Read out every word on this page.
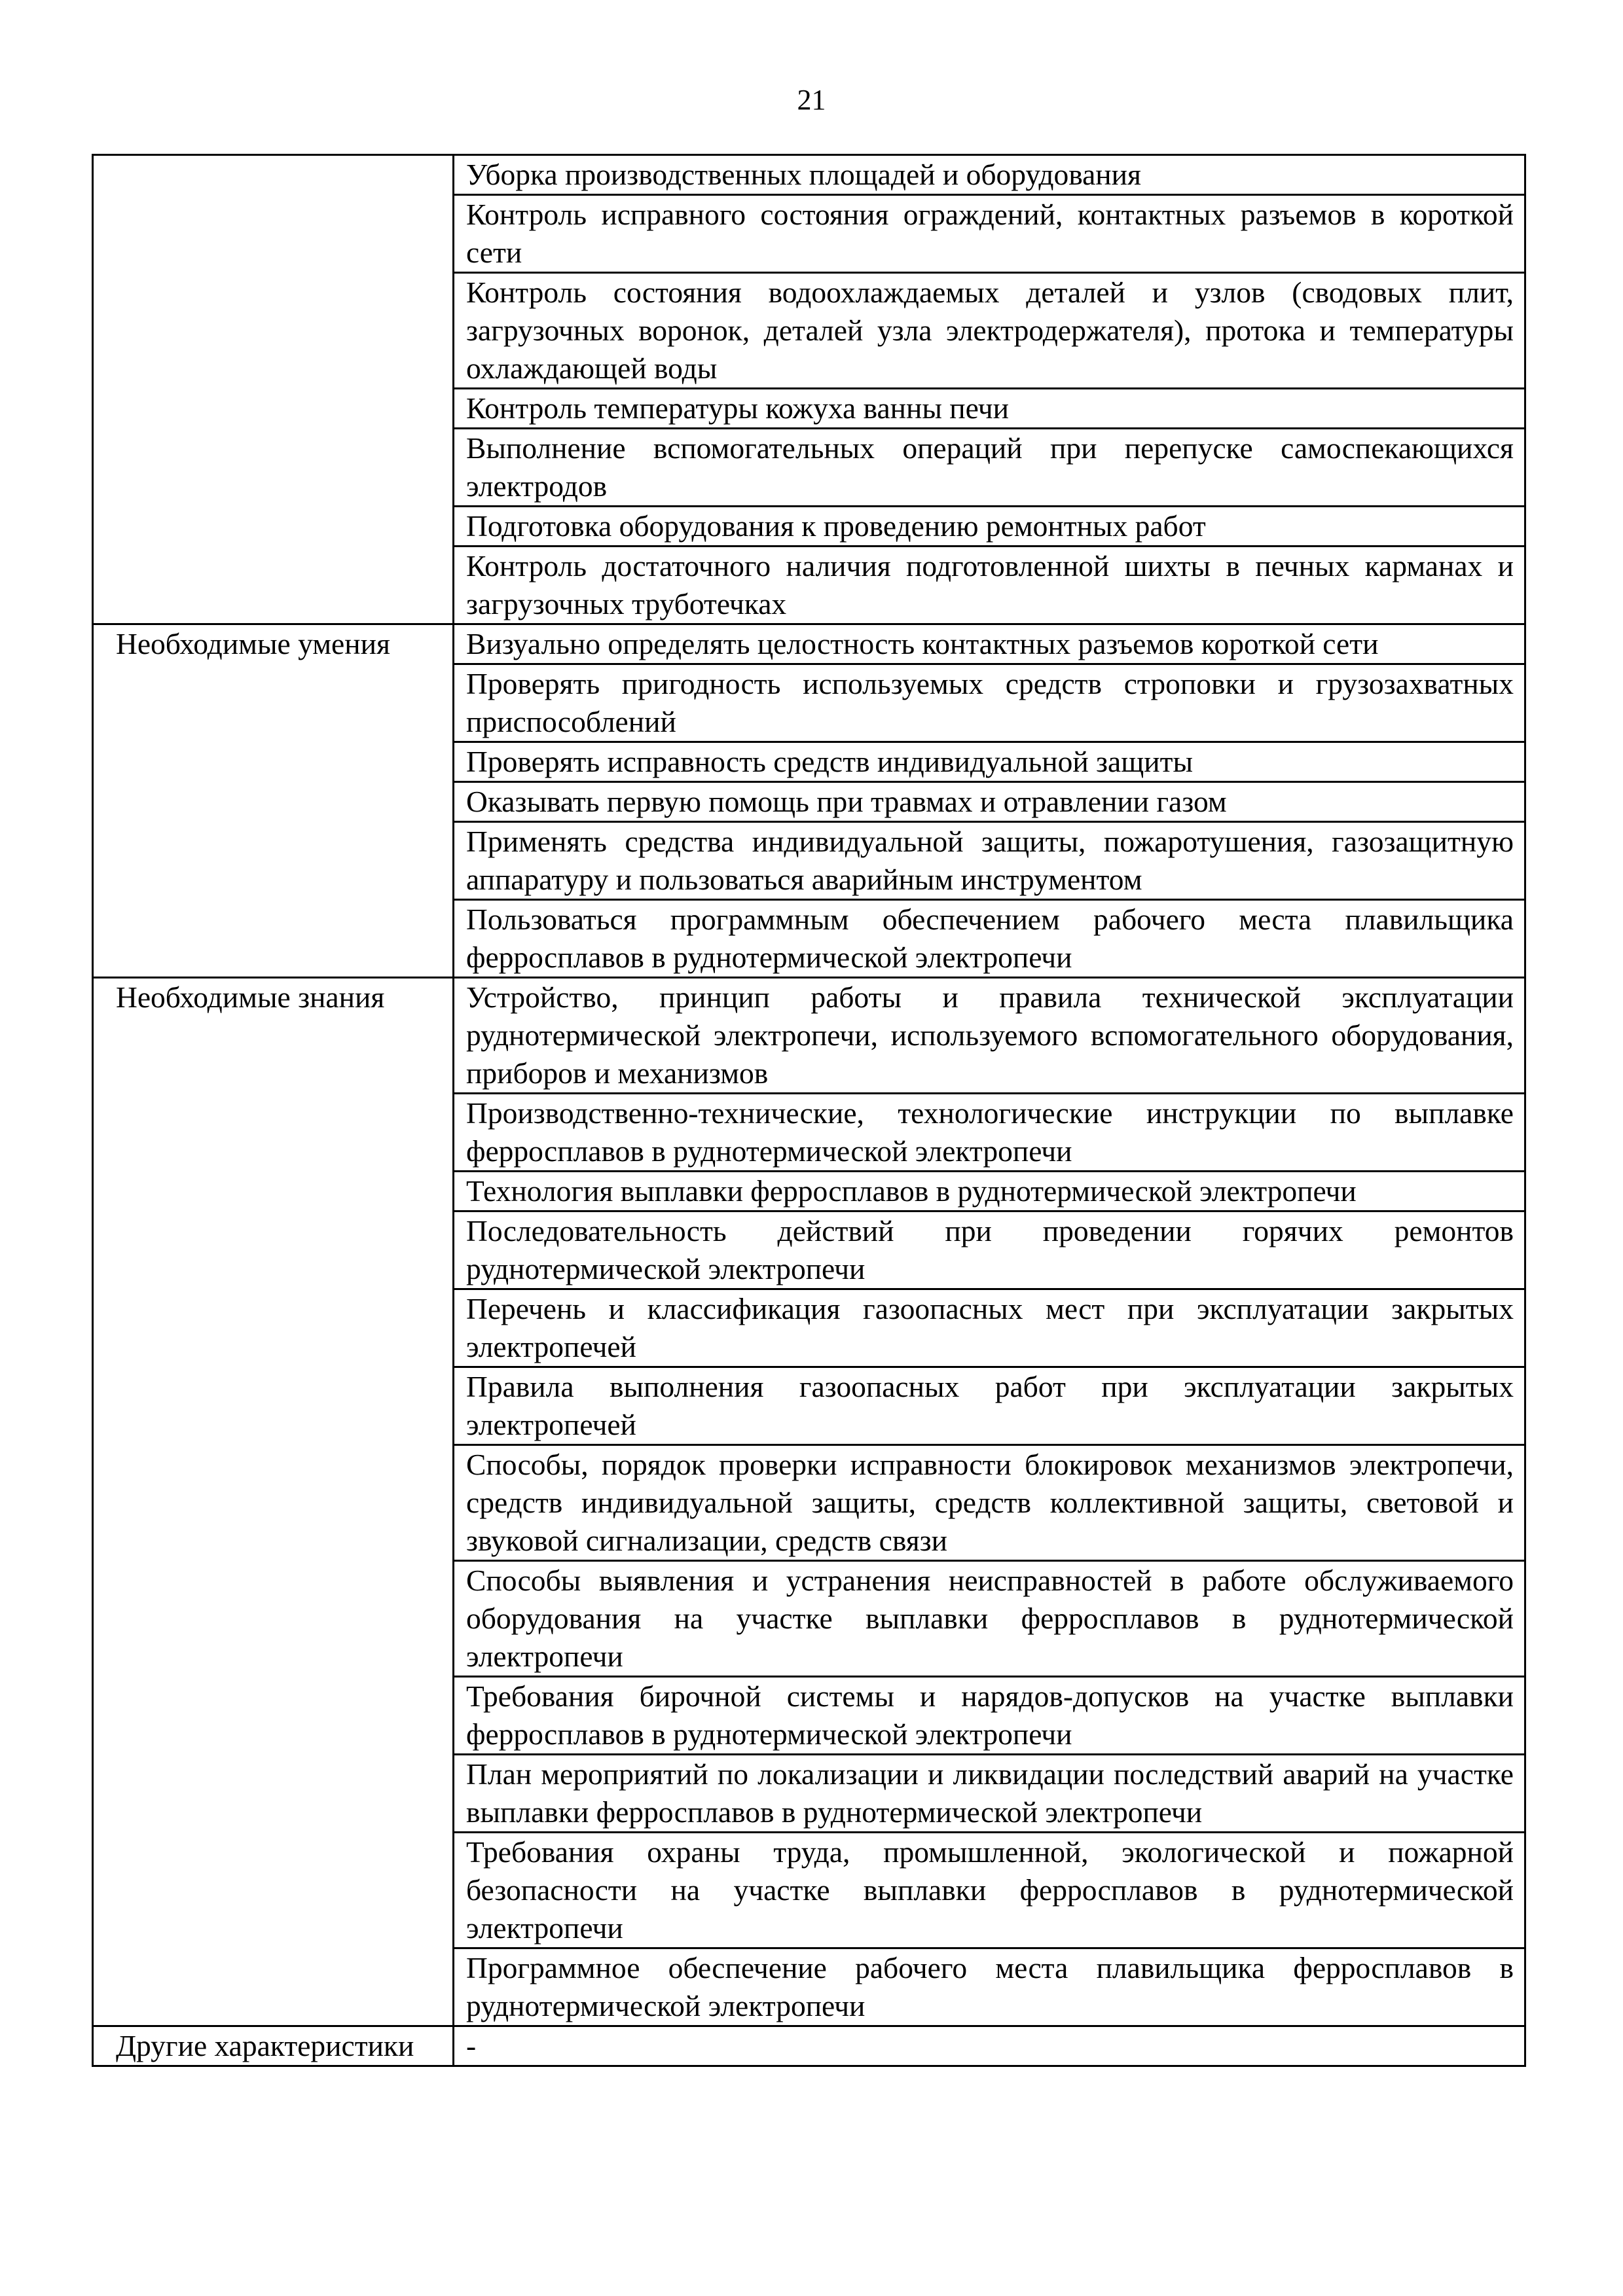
21

	Уборка производственных площадей и оборудования

	Контроль исправного состояния ограждений, контактных разъемов в короткой сети

	Контроль состояния водоохлаждаемых деталей и узлов (сводовых плит, загрузочных воронок, деталей узла электродержателя), протока и температуры охлаждающей воды

	Контроль температуры кожуха ванны печи

	Выполнение вспомогательных операций при перепуске самоспекающихся электродов

	Подготовка оборудования к проведению ремонтных работ

	Контроль достаточного наличия подготовленной шихты в печных карманах и загрузочных труботечках

Необходимые умения	Визуально определять целостность контактных разъемов короткой сети

	Проверять пригодность используемых средств строповки и грузозахватных приспособлений

	Проверять исправность средств индивидуальной защиты

	Оказывать первую помощь при травмах и отравлении газом

	Применять средства индивидуальной защиты, пожаротушения, газозащитную аппаратуру и пользоваться аварийным инструментом

	Пользоваться программным обеспечением рабочего места плавильщика ферросплавов в руднотермической электропечи

Необходимые знания	Устройство, принцип работы и правила технической эксплуатации руднотермической электропечи, используемого вспомогательного оборудования, приборов и механизмов

	Производственно-технические, технологические инструкции по выплавке ферросплавов в руднотермической электропечи

	Технология выплавки ферросплавов в руднотермической электропечи

	Последовательность действий при проведении горячих ремонтов руднотермической электропечи

	Перечень и классификация газоопасных мест при эксплуатации закрытых электропечей

	Правила выполнения газоопасных работ при эксплуатации закрытых электропечей

	Способы, порядок проверки исправности блокировок механизмов электропечи, средств индивидуальной защиты, средств коллективной защиты, световой и звуковой сигнализации, средств связи

	Способы выявления и устранения неисправностей в работе обслуживаемого оборудования на участке выплавки ферросплавов в руднотермической электропечи

	Требования бирочной системы и нарядов-допусков на участке выплавки ферросплавов в руднотермической электропечи

	План мероприятий по локализации и ликвидации последствий аварий на участке выплавки ферросплавов в руднотермической электропечи

	Требования охраны труда, промышленной, экологической и пожарной безопасности на участке выплавки ферросплавов в руднотермической электропечи

	Программное обеспечение рабочего места плавильщика ферросплавов в руднотермической электропечи

Другие характеристики	-
